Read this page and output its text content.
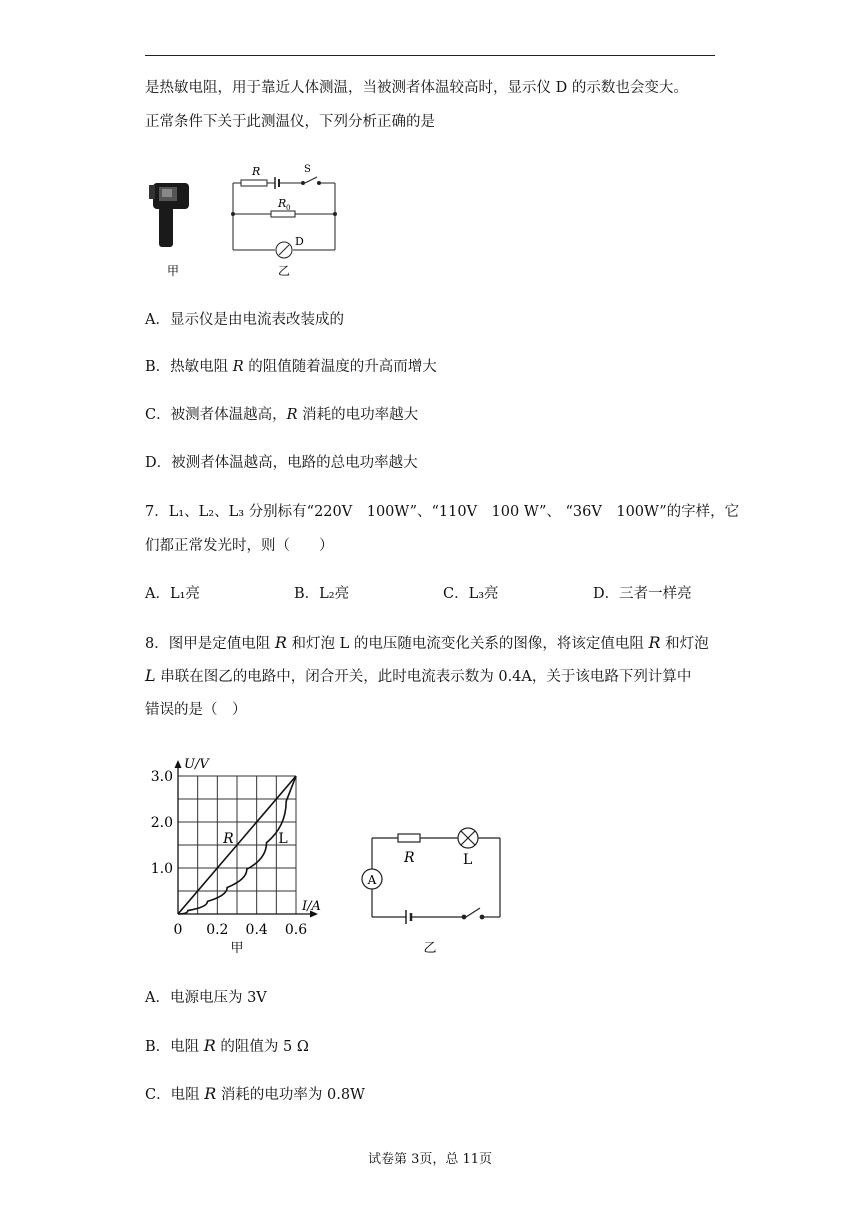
是热敏电阻，用于靠近人体测温，当被测者体温较高时，显示仪 D 的示数也会变大。
正常条件下关于此测温仪，下列分析正确的是
甲
R	S
R 0
D
乙
A．显示仪是由电流表改装成的
B．热敏电阻 R 的阻值随着温度的升高而增大
C．被测者体温越高，R 消耗的电功率越大
D．被测者体温越高，电路的总电功率越大
7．L₁、L₂、L₃ 分别标有“220V　100W”、“110V　100 W”、 “36V　100W”的字样，它
们都正常发光时，则（　　）
A．L₁亮	B．L₂亮	C．L₃亮	D．三者一样亮
8．图甲是定值电阻 R 和灯泡 L 的电压随电流变化关系的图像，将该定值电阻 R 和灯泡
L 串联在图乙的电路中，闭合开关，此时电流表示数为 0.4A，关于该电路下列计算中
错误的是（　）
U/V
I/A
3.0
2.0
1.0
0 0.2 0.4 0.6
R	L
甲
A
R	L
乙
A．电源电压为 3V
B．电阻 R 的阻值为 5 Ω
C．电阻 R 消耗的电功率为 0.8W
试卷第 3页，总 11页
